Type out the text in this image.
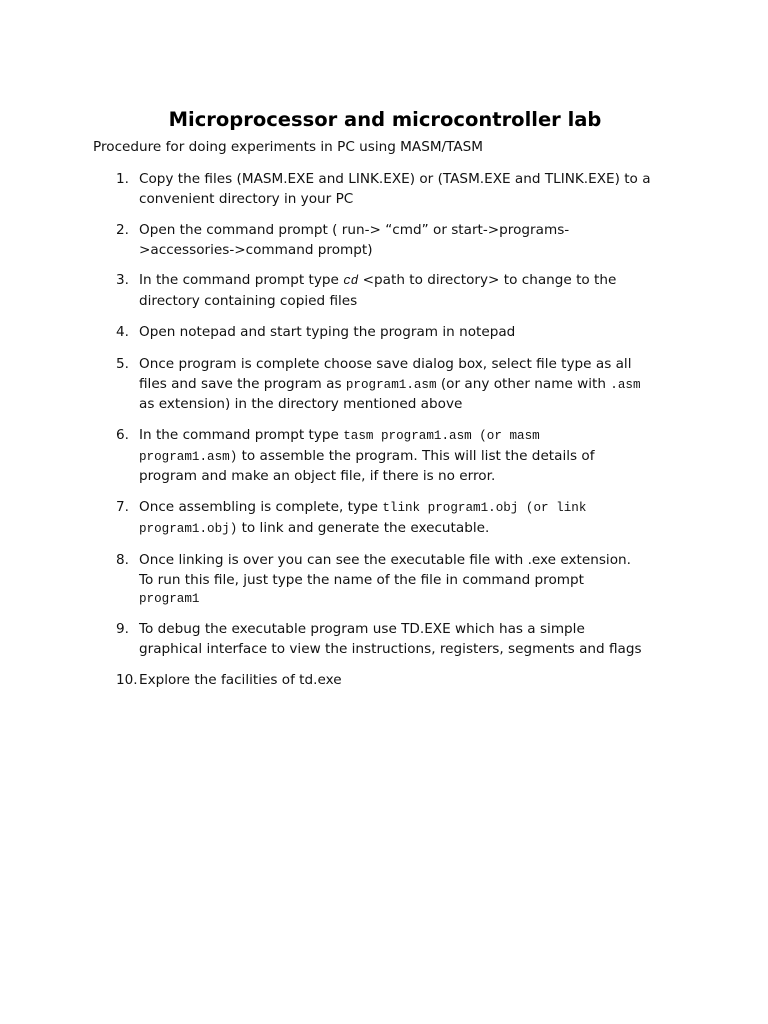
Microprocessor and microcontroller lab
Procedure for doing experiments in PC using MASM/TASM
1. Copy the files (MASM.EXE and LINK.EXE) or (TASM.EXE and TLINK.EXE) to a
convenient directory in your PC
2. Open the command prompt ( run-> “cmd” or start->programs-
>accessories->command prompt)
3. In the command prompt type cd <path to directory> to change to the
directory containing copied files
4. Open notepad and start typing the program in notepad
5. Once program is complete choose save dialog box, select file type as all
files and save the program as program1.asm (or any other name with .asm
as extension) in the directory mentioned above
6. In the command prompt type tasm program1.asm (or masm
program1.asm) to assemble the program. This will list the details of
program and make an object file, if there is no error.
7. Once assembling is complete, type tlink program1.obj (or link
program1.obj) to link and generate the executable.
8. Once linking is over you can see the executable file with .exe extension.
To run this file, just type the name of the file in command prompt
program1
9. To debug the executable program use TD.EXE which has a simple
graphical interface to view the instructions, registers, segments and flags
10. Explore the facilities of td.exe
